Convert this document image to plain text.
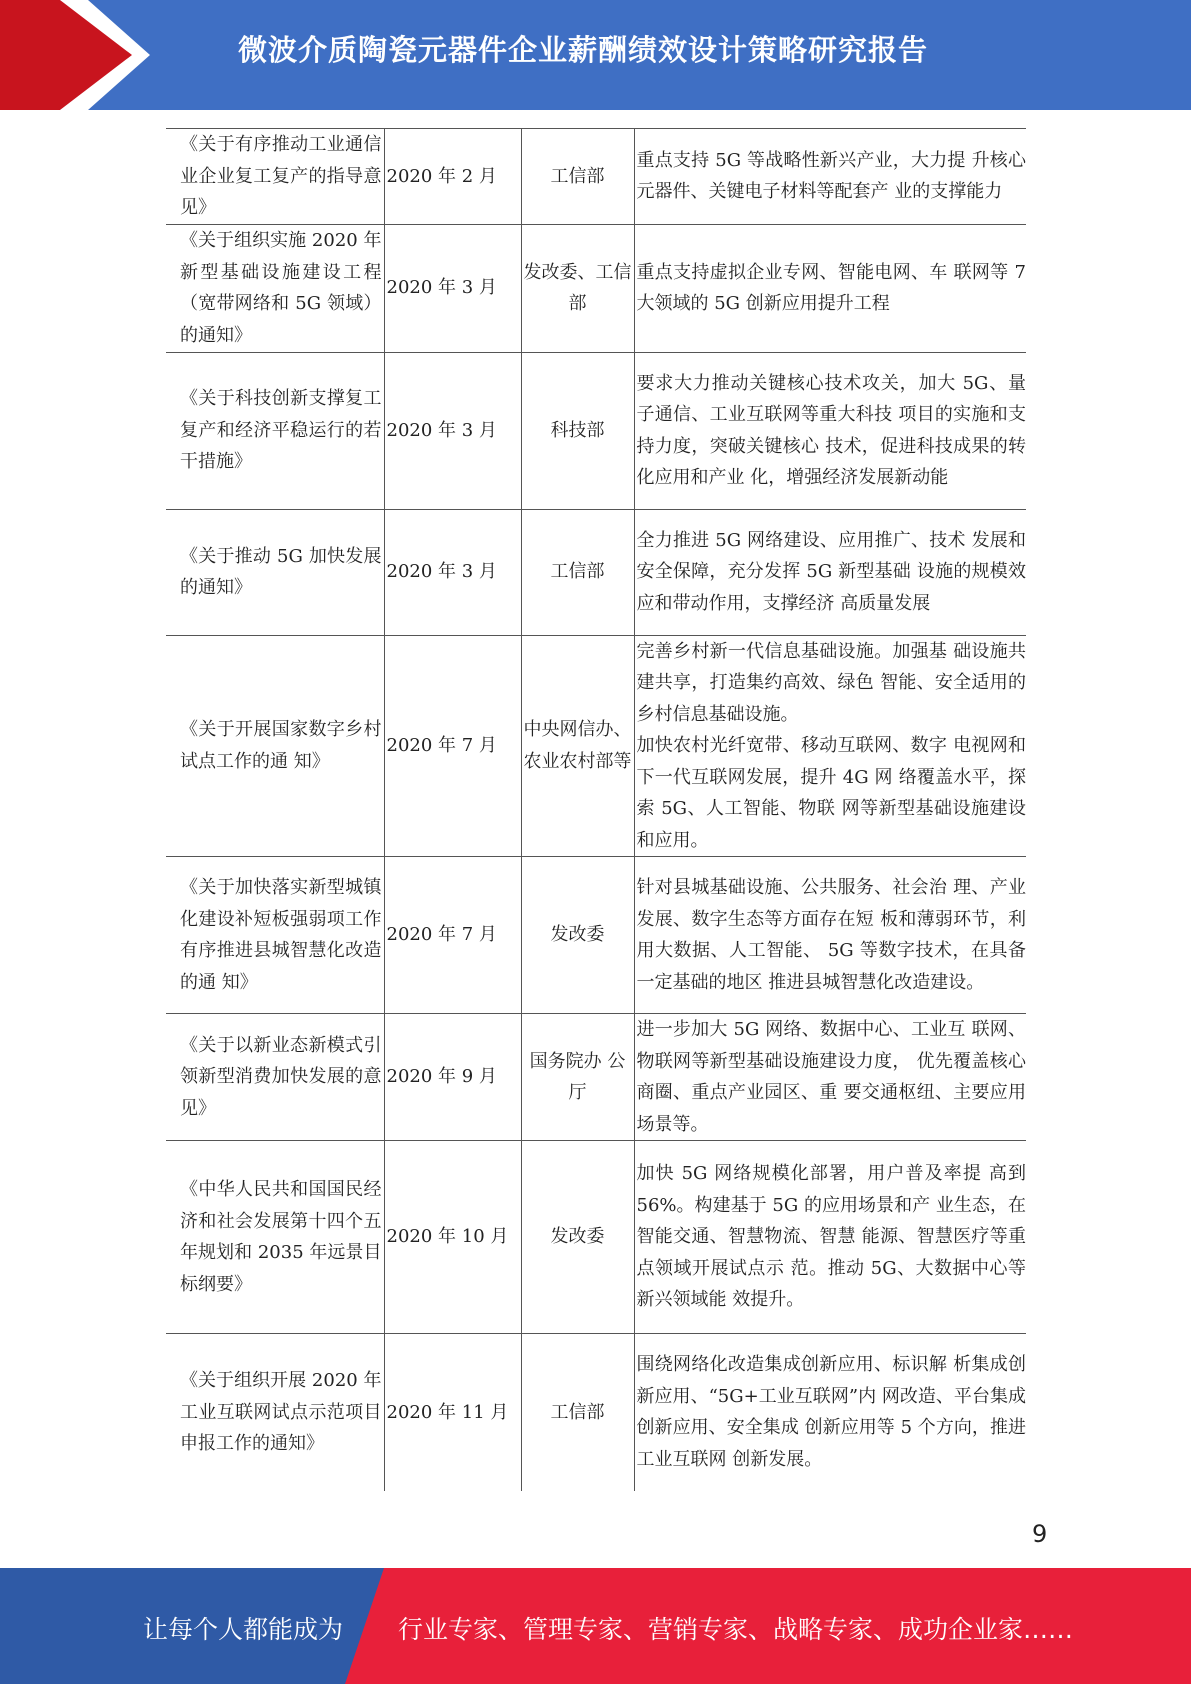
微波介质陶瓷元器件企业薪酬绩效设计策略研究报告
《关于有序推动工业通信业企业复工复产的指导意见》	2020 年 2 月	工信部	重点支持 5G 等战略性新兴产业，大力提 升核心元器件、关键电子材料等配套产 业的支撑能力
《关于组织实施 2020 年新型基础设施建设工程（宽带网络和 5G 领域）的通知》	2020 年 3 月	发改委、工信部	重点支持虚拟企业专网、智能电网、车 联网等 7 大领域的 5G 创新应用提升工程
《关于科技创新支撑复工复产和经济平稳运行的若干措施》	2020 年 3 月	科技部	要求大力推动关键核心技术攻关，加大 5G、量子通信、工业互联网等重大科技 项目的实施和支持力度，突破关键核心 技术，促进科技成果的转化应用和产业 化，增强经济发展新动能
《关于推动 5G 加快发展的通知》	2020 年 3 月	工信部	全力推进 5G 网络建设、应用推广、技术 发展和安全保障，充分发挥 5G 新型基础 设施的规模效应和带动作用，支撑经济 高质量发展
《关于开展国家数字乡村试点工作的通 知》	2020 年 7 月	中央网信办、农业农村部等	完善乡村新一代信息基础设施。加强基 础设施共建共享，打造集约高效、绿色 智能、安全适用的乡村信息基础设施。
加快农村光纤宽带、移动互联网、数字 电视网和下一代互联网发展，提升 4G 网 络覆盖水平，探索 5G、人工智能、物联 网等新型基础设施建设和应用。

《关于加快落实新型城镇化建设补短板强弱项工作有序推进县城智慧化改造的通 知》	2020 年 7 月	发改委	针对县城基础设施、公共服务、社会治 理、产业发展、数字生态等方面存在短 板和薄弱环节，利用大数据、人工智能、 5G 等数字技术，在具备一定基础的地区 推进县城智慧化改造建设。
《关于以新业态新模式引领新型消费加快发展的意见》	2020 年 9 月	国务院办 公厅	进一步加大 5G 网络、数据中心、工业互 联网、物联网等新型基础设施建设力度， 优先覆盖核心商圈、重点产业园区、重 要交通枢纽、主要应用场景等。
《中华人民共和国国民经济和社会发展第十四个五年规划和 2035 年远景目标纲要》	2020 年 10 月	发改委	加快 5G 网络规模化部署，用户普及率提 高到 56%。构建基于 5G 的应用场景和产 业生态，在智能交通、智慧物流、智慧 能源、智慧医疗等重点领域开展试点示 范。推动 5G、大数据中心等新兴领域能 效提升。
《关于组织开展 2020 年工业互联网试点示范项目申报工作的通知》	2020 年 11 月	工信部	围绕网络化改造集成创新应用、标识解 析集成创新应用、“5G+工业互联网”内 网改造、平台集成创新应用、安全集成 创新应用等 5 个方向，推进工业互联网 创新发展。
9
让每个人都能成为 行业专家、管理专家、营销专家、战略专家、成功企业家……
